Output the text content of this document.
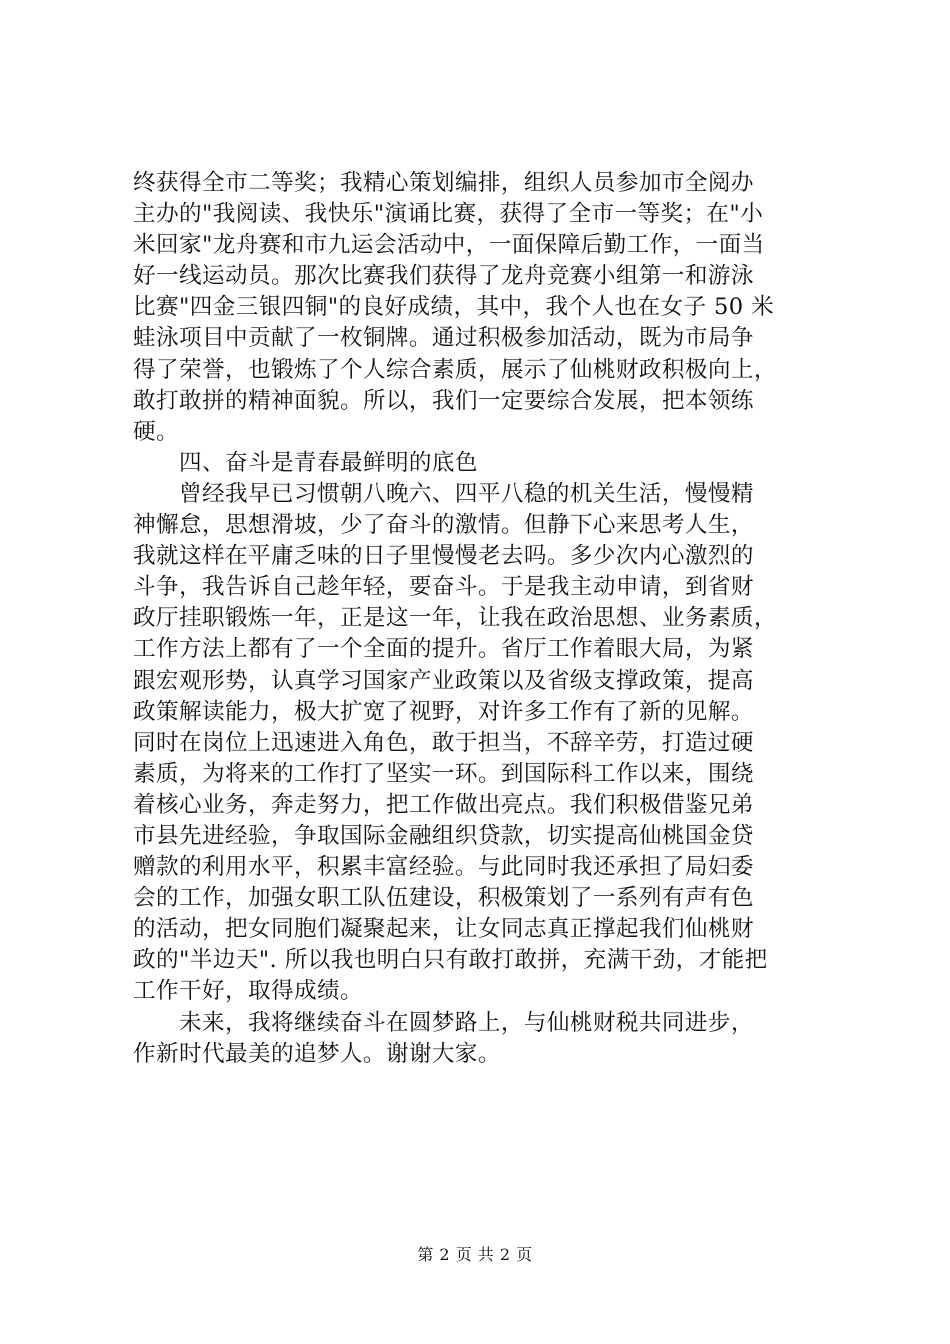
终获得全市二等奖；我精心策划编排，组织人员参加市全阅办
主办的"我阅读、我快乐"演诵比赛，获得了全市一等奖；在"小
米回家"龙舟赛和市九运会活动中，一面保障后勤工作，一面当
好一线运动员。那次比赛我们获得了龙舟竞赛小组第一和游泳
比赛"四金三银四铜"的良好成绩，其中，我个人也在女子 50 米
蛙泳项目中贡献了一枚铜牌。通过积极参加活动，既为市局争
得了荣誉，也锻炼了个人综合素质，展示了仙桃财政积极向上，
敢打敢拼的精神面貌。所以，我们一定要综合发展，把本领练
硬。
四、奋斗是青春最鲜明的底色
曾经我早已习惯朝八晚六、四平八稳的机关生活，慢慢精
神懈怠，思想滑坡，少了奋斗的激情。但静下心来思考人生，
我就这样在平庸乏味的日子里慢慢老去吗。多少次内心激烈的
斗争，我告诉自己趁年轻，要奋斗。于是我主动申请，到省财
政厅挂职锻炼一年，正是这一年，让我在政治思想、业务素质，
工作方法上都有了一个全面的提升。省厅工作着眼大局，为紧
跟宏观形势，认真学习国家产业政策以及省级支撑政策，提高
政策解读能力，极大扩宽了视野，对许多工作有了新的见解。
同时在岗位上迅速进入角色，敢于担当，不辞辛劳，打造过硬
素质，为将来的工作打了坚实一环。到国际科工作以来，围绕
着核心业务，奔走努力，把工作做出亮点。我们积极借鉴兄弟
市县先进经验，争取国际金融组织贷款，切实提高仙桃国金贷
赠款的利用水平，积累丰富经验。与此同时我还承担了局妇委
会的工作，加强女职工队伍建设，积极策划了一系列有声有色
的活动，把女同胞们凝聚起来，让女同志真正撑起我们仙桃财
政的"半边天". 所以我也明白只有敢打敢拼，充满干劲，才能把
工作干好，取得成绩。
未来，我将继续奋斗在圆梦路上，与仙桃财税共同进步，
作新时代最美的追梦人。谢谢大家。
第 2 页 共 2 页
